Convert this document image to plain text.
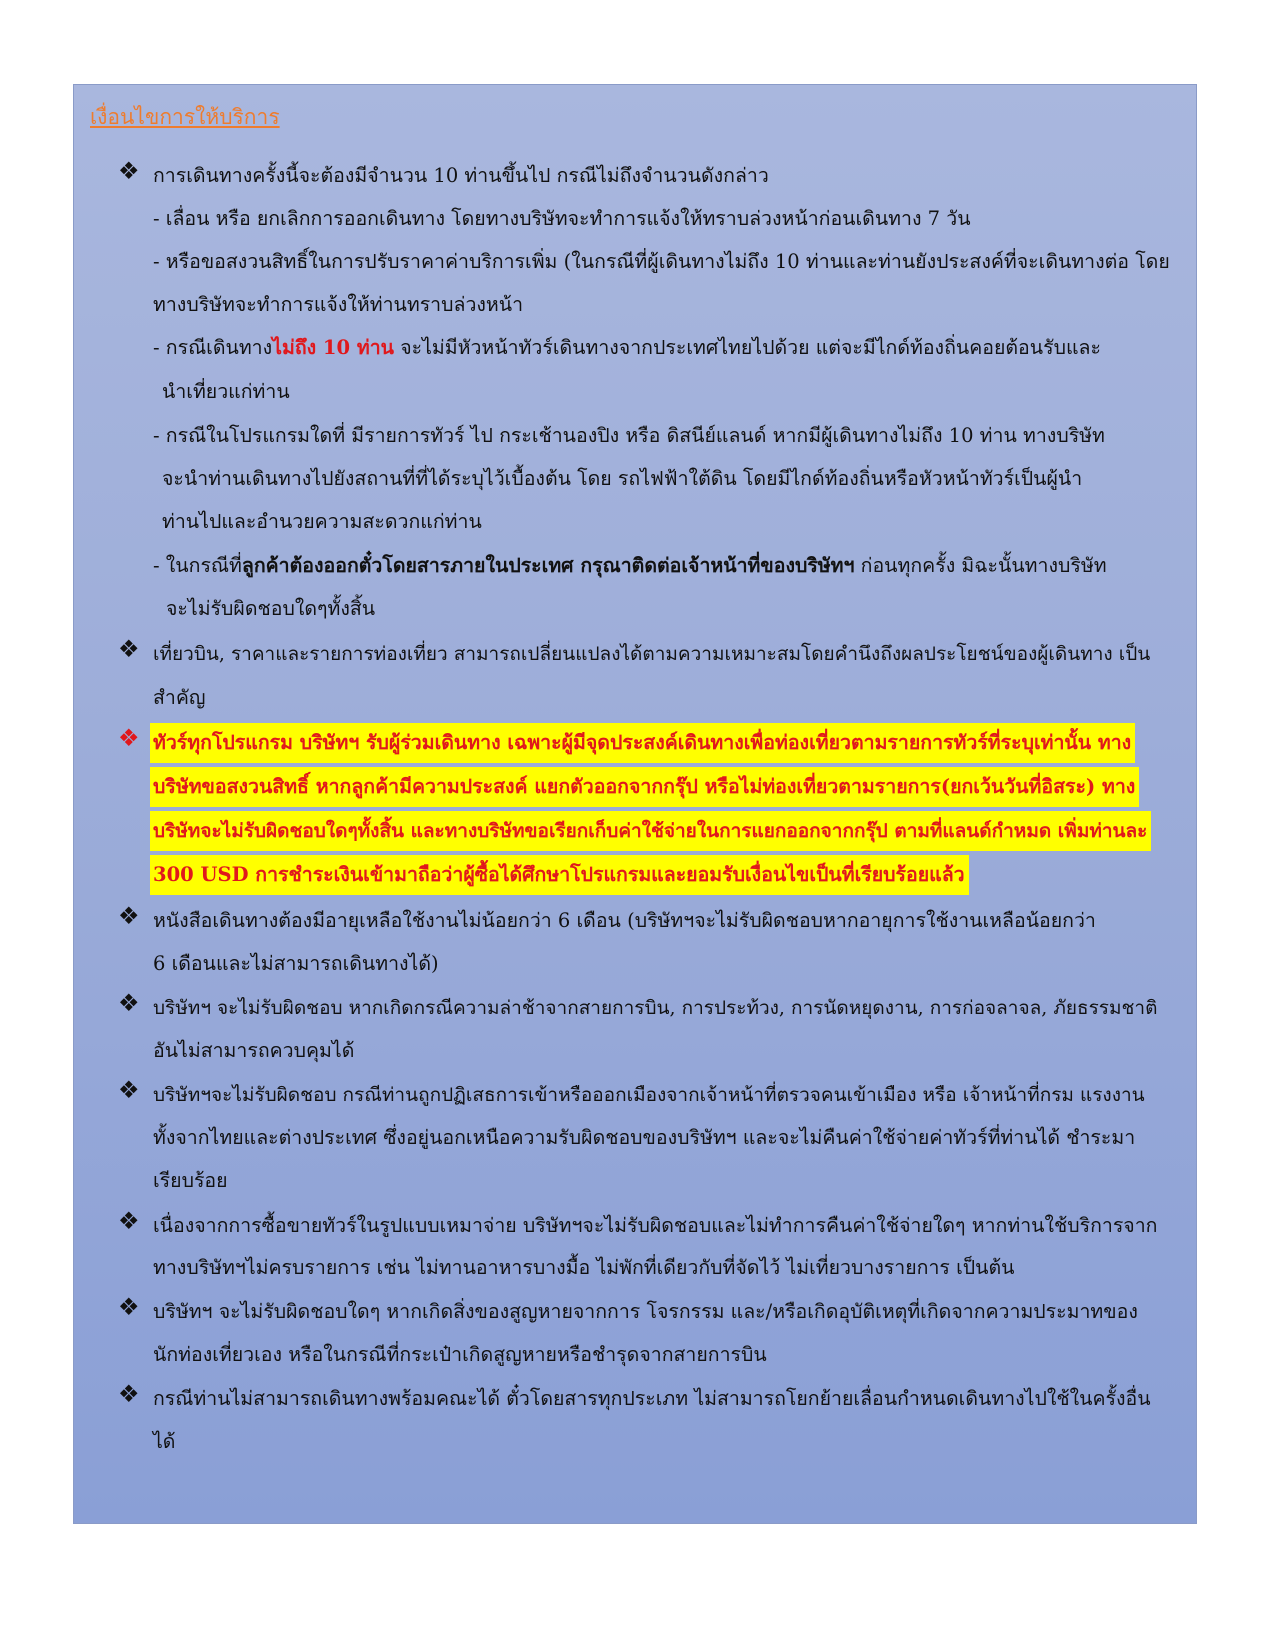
เงื่อนไขการให้บริการ
❖ การเดินทางครั้งนี้จะต้องมีจำนวน 10 ท่านขึ้นไป กรณีไม่ถึงจำนวนดังกล่าว

- เลื่อน หรือ ยกเลิกการออกเดินทาง โดยทางบริษัทจะทำการแจ้งให้ทราบล่วงหน้าก่อนเดินทาง 7 วัน

- หรือขอสงวนสิทธิ์ในการปรับราคาค่าบริการเพิ่ม (ในกรณีที่ผู้เดินทางไม่ถึง 10 ท่านและท่านยังประสงค์ที่จะเดินทางต่อ โดย

ทางบริษัทจะทำการแจ้งให้ท่านทราบล่วงหน้า

- กรณีเดินทางไม่ถึง 10 ท่าน จะไม่มีหัวหน้าทัวร์เดินทางจากประเทศไทยไปด้วย แต่จะมีไกด์ท้องถิ่นคอยต้อนรับและ

นำเที่ยวแก่ท่าน

- กรณีในโปรแกรมใดที่ มีรายการทัวร์ ไป กระเช้านองปิง หรือ ดิสนีย์แลนด์ หากมีผู้เดินทางไม่ถึง 10 ท่าน ทางบริษัท

จะนำท่านเดินทางไปยังสถานที่ที่ได้ระบุไว้เบื้องต้น โดย รถไฟฟ้าใต้ดิน โดยมีไกด์ท้องถิ่นหรือหัวหน้าทัวร์เป็นผู้นำ

ท่านไปและอำนวยความสะดวกแก่ท่าน

- ในกรณีที่ลูกค้าต้องออกตั๋วโดยสารภายในประเทศ กรุณาติดต่อเจ้าหน้าที่ของบริษัทฯ ก่อนทุกครั้ง มิฉะนั้นทางบริษัท

จะไม่รับผิดชอบใดๆทั้งสิ้น

❖ เที่ยวบิน, ราคาและรายการท่องเที่ยว สามารถเปลี่ยนแปลงได้ตามความเหมาะสมโดยคำนึงถึงผลประโยชน์ของผู้เดินทาง เป็น

สำคัญ

❖ ทัวร์ทุกโปรแกรม บริษัทฯ รับผู้ร่วมเดินทาง เฉพาะผู้มีจุดประสงค์เดินทางเพื่อท่องเที่ยวตามรายการทัวร์ที่ระบุเท่านั้น ทาง

บริษัทขอสงวนสิทธิ์ หากลูกค้ามีความประสงค์ แยกตัวออกจากกรุ๊ป หรือไม่ท่องเที่ยวตามรายการ(ยกเว้นวันที่อิสระ) ทาง

บริษัทจะไม่รับผิดชอบใดๆทั้งสิ้น และทางบริษัทขอเรียกเก็บค่าใช้จ่ายในการแยกออกจากกรุ๊ป ตามที่แลนด์กำหมด เพิ่มท่านละ

300 USD การชำระเงินเข้ามาถือว่าผู้ซื้อได้ศึกษาโปรแกรมและยอมรับเงื่อนไขเป็นที่เรียบร้อยแล้ว

❖ หนังสือเดินทางต้องมีอายุเหลือใช้งานไม่น้อยกว่า 6 เดือน (บริษัทฯจะไม่รับผิดชอบหากอายุการใช้งานเหลือน้อยกว่า

6 เดือนและไม่สามารถเดินทางได้)

❖ บริษัทฯ จะไม่รับผิดชอบ หากเกิดกรณีความล่าช้าจากสายการบิน, การประท้วง, การนัดหยุดงาน, การก่อจลาจล, ภัยธรรมชาติ

อันไม่สามารถควบคุมได้

❖ บริษัทฯจะไม่รับผิดชอบ กรณีท่านถูกปฏิเสธการเข้าหรือออกเมืองจากเจ้าหน้าที่ตรวจคนเข้าเมือง หรือ เจ้าหน้าที่กรม แรงงาน

ทั้งจากไทยและต่างประเทศ ซึ่งอยู่นอกเหนือความรับผิดชอบของบริษัทฯ และจะไม่คืนค่าใช้จ่ายค่าทัวร์ที่ท่านได้ ชำระมา

เรียบร้อย

❖ เนื่องจากการซื้อขายทัวร์ในรูปแบบเหมาจ่าย บริษัทฯจะไม่รับผิดชอบและไม่ทำการคืนค่าใช้จ่ายใดๆ หากท่านใช้บริการจาก

ทางบริษัทฯไม่ครบรายการ เช่น ไม่ทานอาหารบางมื้อ ไม่พักที่เดียวกับที่จัดไว้ ไม่เที่ยวบางรายการ เป็นต้น

❖ บริษัทฯ จะไม่รับผิดชอบใดๆ หากเกิดสิ่งของสูญหายจากการ โจรกรรม และ/หรือเกิดอุบัติเหตุที่เกิดจากความประมาทของ

นักท่องเที่ยวเอง หรือในกรณีที่กระเป๋าเกิดสูญหายหรือชำรุดจากสายการบิน

❖ กรณีท่านไม่สามารถเดินทางพร้อมคณะได้ ตั๋วโดยสารทุกประเภท ไม่สามารถโยกย้ายเลื่อนกำหนดเดินทางไปใช้ในครั้งอื่น

ได้
